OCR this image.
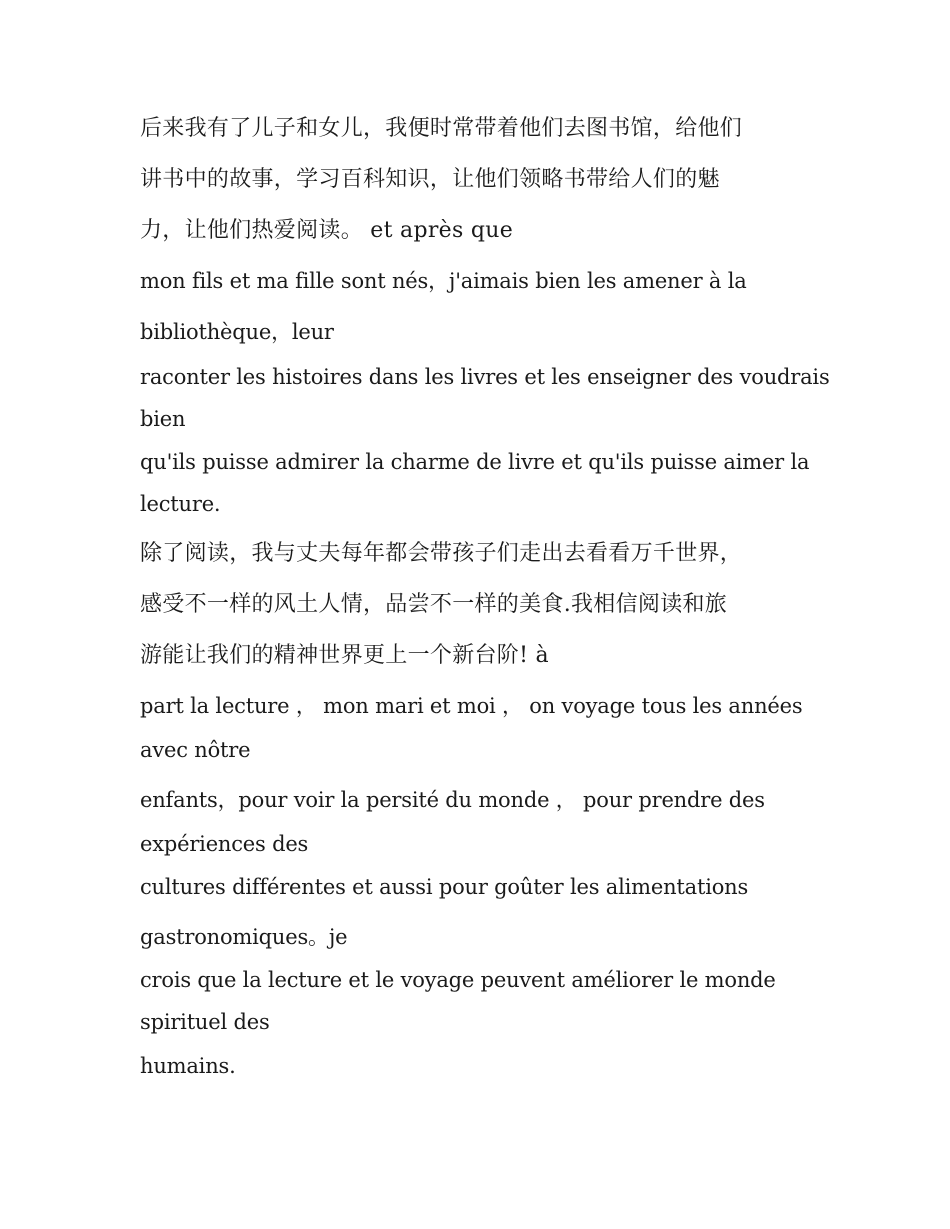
后来我有了儿子和女儿，我便时常带着他们去图书馆，给他们
讲书中的故事，学习百科知识，让他们领略书带给人们的魅
力，让他们热爱阅读。 et après que
mon fils et ma fille sont nés，j'aimais bien les amener à la
bibliothèque，leur
raconter les histoires dans les livres et les enseigner des voudrais
bien
qu'ils puisse admirer la charme de livre et qu'ils puisse aimer la
lecture.
除了阅读，我与丈夫每年都会带孩子们走出去看看万千世界，
感受不一样的风土人情，品尝不一样的美食.我相信阅读和旅
游能让我们的精神世界更上一个新台阶! à
part la lecture ， mon mari et moi ， on voyage tous les années
avec nôtre
enfants，pour voir la persité du monde ， pour prendre des
expériences des
cultures différentes et aussi pour goûter les alimentations
gastronomiques。je
crois que la lecture et le voyage peuvent améliorer le monde
spirituel des
humains.
